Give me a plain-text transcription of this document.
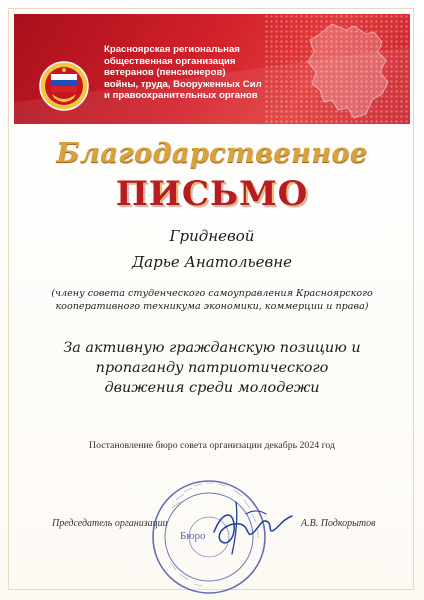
Красноярская региональная
общественная организация
ветеранов (пенсионеров)
войны, труда, Вооруженных Сил
и правоохранительных органов

Благодарственное
ПИСЬМО
Гридневой
Дарье Анатольевне

(члену совета студенческого самоуправления Красноярского
кооперативного техникума экономики, коммерции и права)

За активную гражданскую позицию и
пропаганду патриотического
движения среди молодежи

Постановление бюро совета организации декабрь 2024 год
Председатель организации
Бюро
А.В. Подкорытов
